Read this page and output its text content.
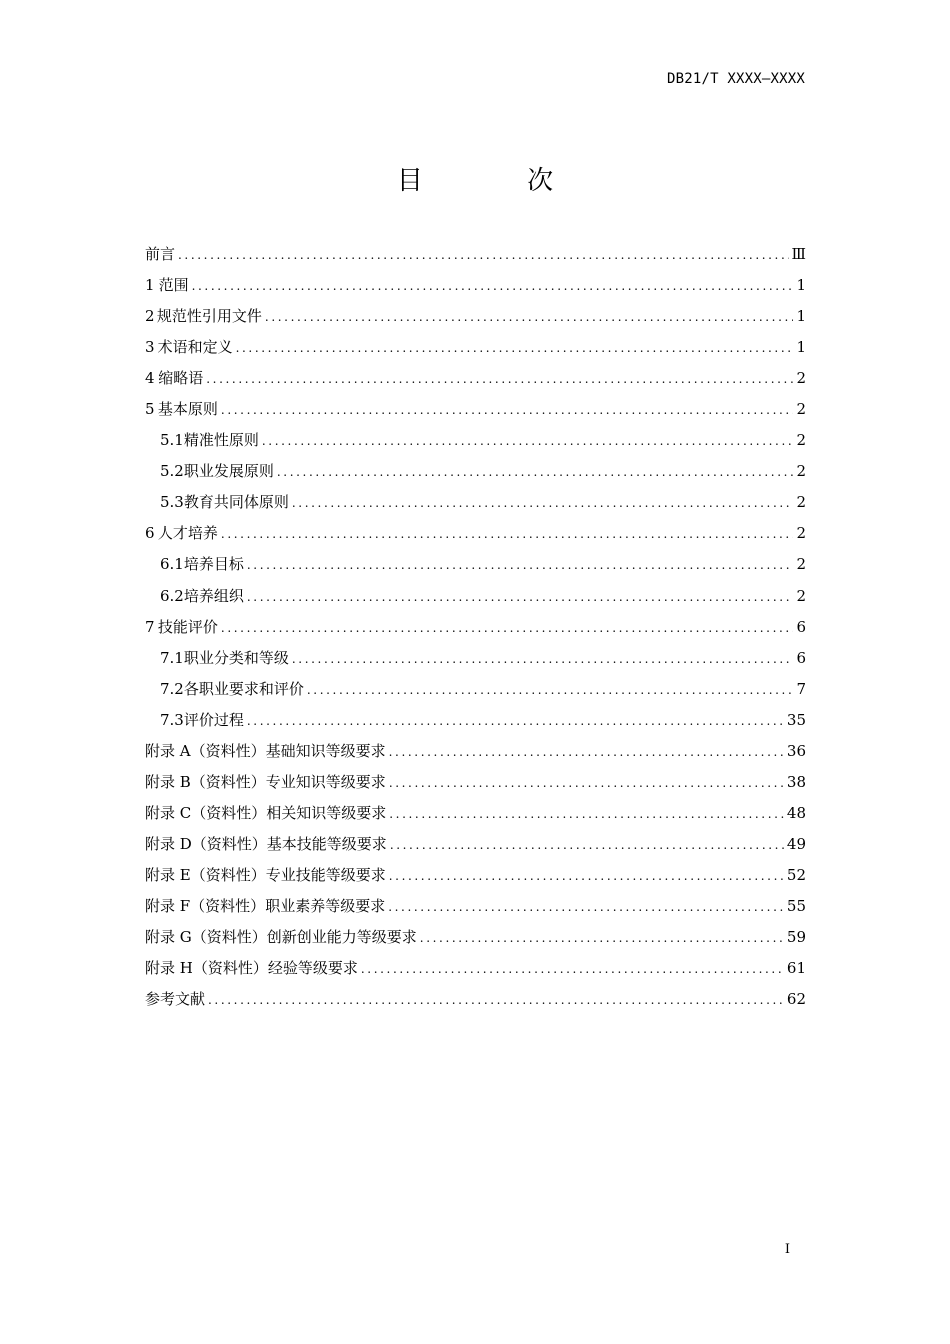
DB21/T XXXX—XXXX
目 次
前言 .....	Ⅲ
1 范围 .....	1
2 规范性引用文件 .....	1
3 术语和定义 .....	1
4 缩略语 .....	2
5 基本原则 .....	2
5.1 精准性原则 .....	2
5.2 职业发展原则 .....	2
5.3 教育共同体原则 .....	2
6 人才培养 .....	2
6.1 培养目标 .....	2
6.2 培养组织 .....	2
7 技能评价 .....	6
7.1 职业分类和等级 .....	6
7.2 各职业要求和评价 .....	7
7.3 评价过程 .....	35
附录 A（资料性） 基础知识等级要求 .....	36
附录 B（资料性） 专业知识等级要求 .....	38
附录 C（资料性） 相关知识等级要求 .....	48
附录 D（资料性） 基本技能等级要求 .....	49
附录 E（资料性） 专业技能等级要求 .....	52
附录 F（资料性） 职业素养等级要求 .....	55
附录 G（资料性） 创新创业能力等级要求 .....	59
附录 H（资料性） 经验等级要求 .....	61
参考文献 .....	62
I
